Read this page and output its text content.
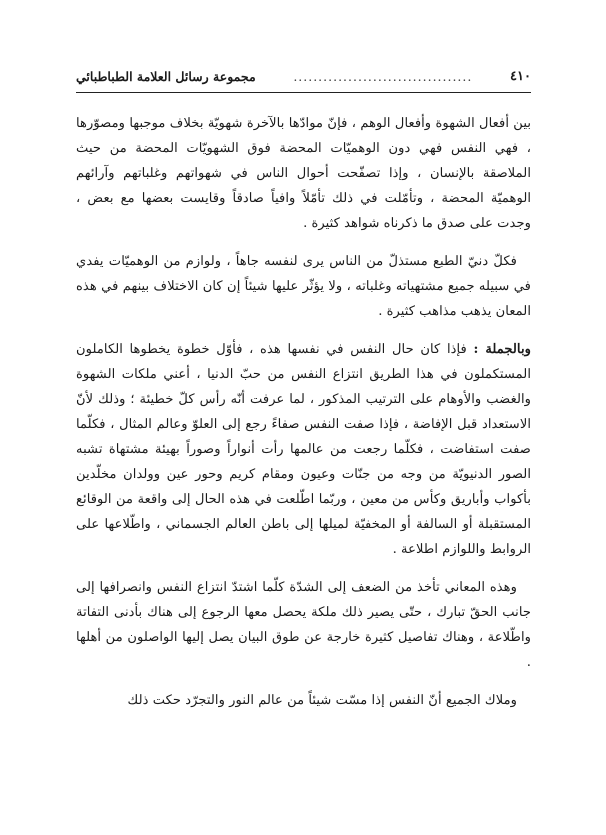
٤١٠
....................................
مجموعة رسائل العلامة الطباطبائي

بين أفعال الشهوة وأفعال الوهم ، فإنّ موادّها بالآخرة شهويّة بخلاف موجبها ومصوّرها ، فهي النفس فهي دون الوهميّات المحضة فوق الشهويّات المحضة من حيث الملاصقة بالإنسان ، وإذا تصفّحت أحوال الناس في شهواتهم وغلباتهم وآرائهم الوهميّة المحضة ، وتأمّلت في ذلك تأمّلاً وافياً صادقاً وقايست بعضها مع بعض ، وجدت على صدق ما ذكرناه شواهد كثيرة .

فكلّ دنيّ الطبع مستذلّ من الناس يرى لنفسه جاهاً ، ولوازم من الوهميّات يفدي في سبيله جميع مشتهياته وغلباته ، ولا يؤثّر عليها شيئاً إن كان الاختلاف بينهم في هذه المعان يذهب مذاهب كثيرة .

وبالجملة : فإذا كان حال النفس في نفسها هذه ، فأوّل خطوة يخطوها الكاملون المستكملون في هذا الطريق انتزاع النفس من حبّ الدنيا ، أعني ملكات الشهوة والغضب والأوهام على الترتيب المذكور ، لما عرفت أنّه رأس كلّ خطيئة ؛ وذلك لأنّ الاستعداد قبل الإفاضة ، فإذا صفت النفس صفاءً رجع إلى العلوّ وعالم المثال ، فكلّما صفت استفاضت ، فكلّما رجعت من عالمها رأت أنواراً وصوراً بهيئة مشتهاة تشبه الصور الدنيويّة من وجه من جنّات وعيون ومقام كريم وحور عين وولدان مخلّدين بأكواب وأباريق وكأس من معين ، وربّما اطّلعت في هذه الحال إلى واقعة من الوقائع المستقبلة أو السالفة أو المخفيّة لميلها إلى باطن العالم الجسماني ، واطّلاعها على الروابط واللوازم اطلاعة .

وهذه المعاني تأخذ من الضعف إلى الشدّة كلّما اشتدّ انتزاع النفس وانصرافها إلى جانب الحقّ تبارك ، حتّى يصير ذلك ملكة يحصل معها الرجوع إلى هناك بأدنى التفاتة واطّلاعة ، وهناك تفاصيل كثيرة خارجة عن طوق البيان يصل إليها الواصلون من أهلها .

وملاك الجميع أنّ النفس إذا مسّت شيئاً من عالم النور والتجرّد حكت ذلك
